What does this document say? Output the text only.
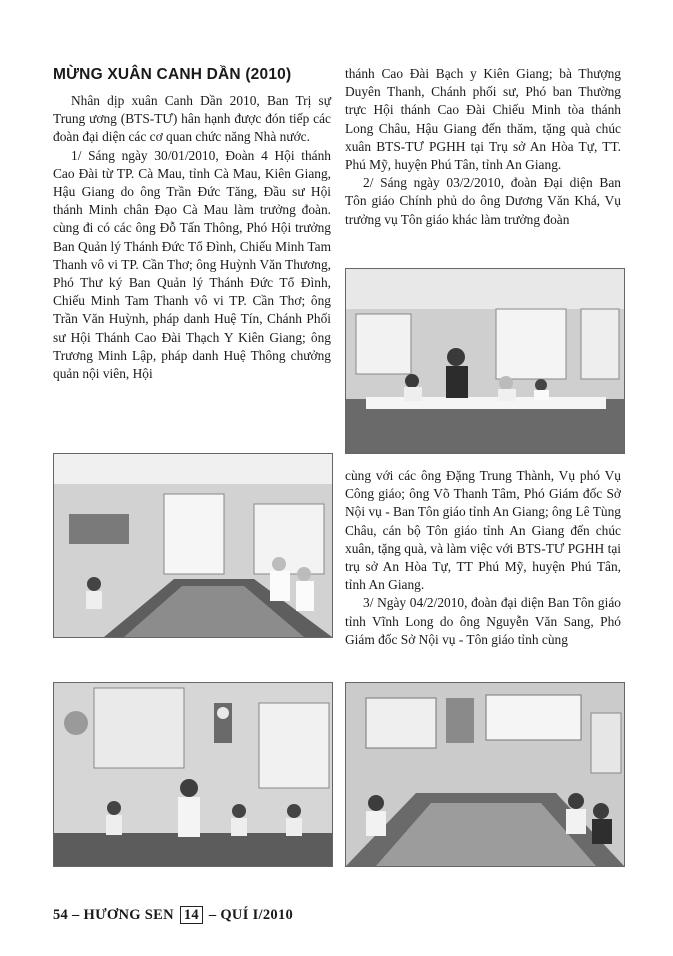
MỪNG XUÂN CANH DẦN (2010)

Nhân dịp xuân Canh Dần 2010, Ban Trị sự Trung ương (BTS-TƯ) hân hạnh được đón tiếp các đoàn đại diện các cơ quan chức năng Nhà nước.

1/ Sáng ngày 30/01/2010, Đoàn 4 Hội thánh Cao Đài từ TP. Cà Mau, tỉnh Cà Mau, Kiên Giang, Hậu Giang do ông Trần Đức Tăng, Đầu sư Hội thánh Minh chân Đạo Cà Mau làm trưởng đoàn. cùng đi có các ông Đỗ Tấn Thông, Phó Hội trưởng Ban Quản lý Thánh Đức Tổ Đình, Chiếu Minh Tam Thanh vô vi TP. Cần Thơ; ông Huỳnh Văn Thương, Phó Thư ký Ban Quản lý Thánh Đức Tổ Đình, Chiếu Minh Tam Thanh vô vi TP. Cần Thơ; ông Trần Văn Huỳnh, pháp danh Huệ Tín, Chánh Phối sư Hội Thánh Cao Đài Thạch Y Kiên Giang; ông Trương Minh Lập, pháp danh Huệ Thông chưởng quản nội viên, Hội

thánh Cao Đài Bạch y Kiên Giang; bà Thượng Duyên Thanh, Chánh phối sư, Phó ban Thường trực Hội thánh Cao Đài Chiếu Minh tòa thánh Long Châu, Hậu Giang đến thăm, tặng quà chúc xuân BTS-TƯ PGHH tại Trụ sở An Hòa Tự, TT. Phú Mỹ, huyện Phú Tân, tỉnh An Giang.

2/ Sáng ngày 03/2/2010, đoàn Đại diện Ban Tôn giáo Chính phủ do ông Dương Văn Khá, Vụ trưởng vụ Tôn giáo khác làm trưởng đoàn

cùng với các ông Đặng Trung Thành, Vụ phó Vụ Công giáo; ông Võ Thanh Tâm, Phó Giám đốc Sở Nội vụ - Ban Tôn giáo tỉnh An Giang; ông Lê Tùng Châu, cán bộ Tôn giáo tỉnh An Giang đến chúc xuân, tặng quà, và làm việc với BTS-TƯ PGHH tại trụ sở An Hòa Tự, TT Phú Mỹ, huyện Phú Tân, tỉnh An Giang.

3/ Ngày 04/2/2010, đoàn đại diện Ban Tôn giáo tỉnh Vĩnh Long do ông Nguyễn Văn Sang, Phó Giám đốc Sở Nội vụ - Tôn giáo tỉnh cùng

54 – HƯƠNG SEN 14 – QUÍ I/2010
